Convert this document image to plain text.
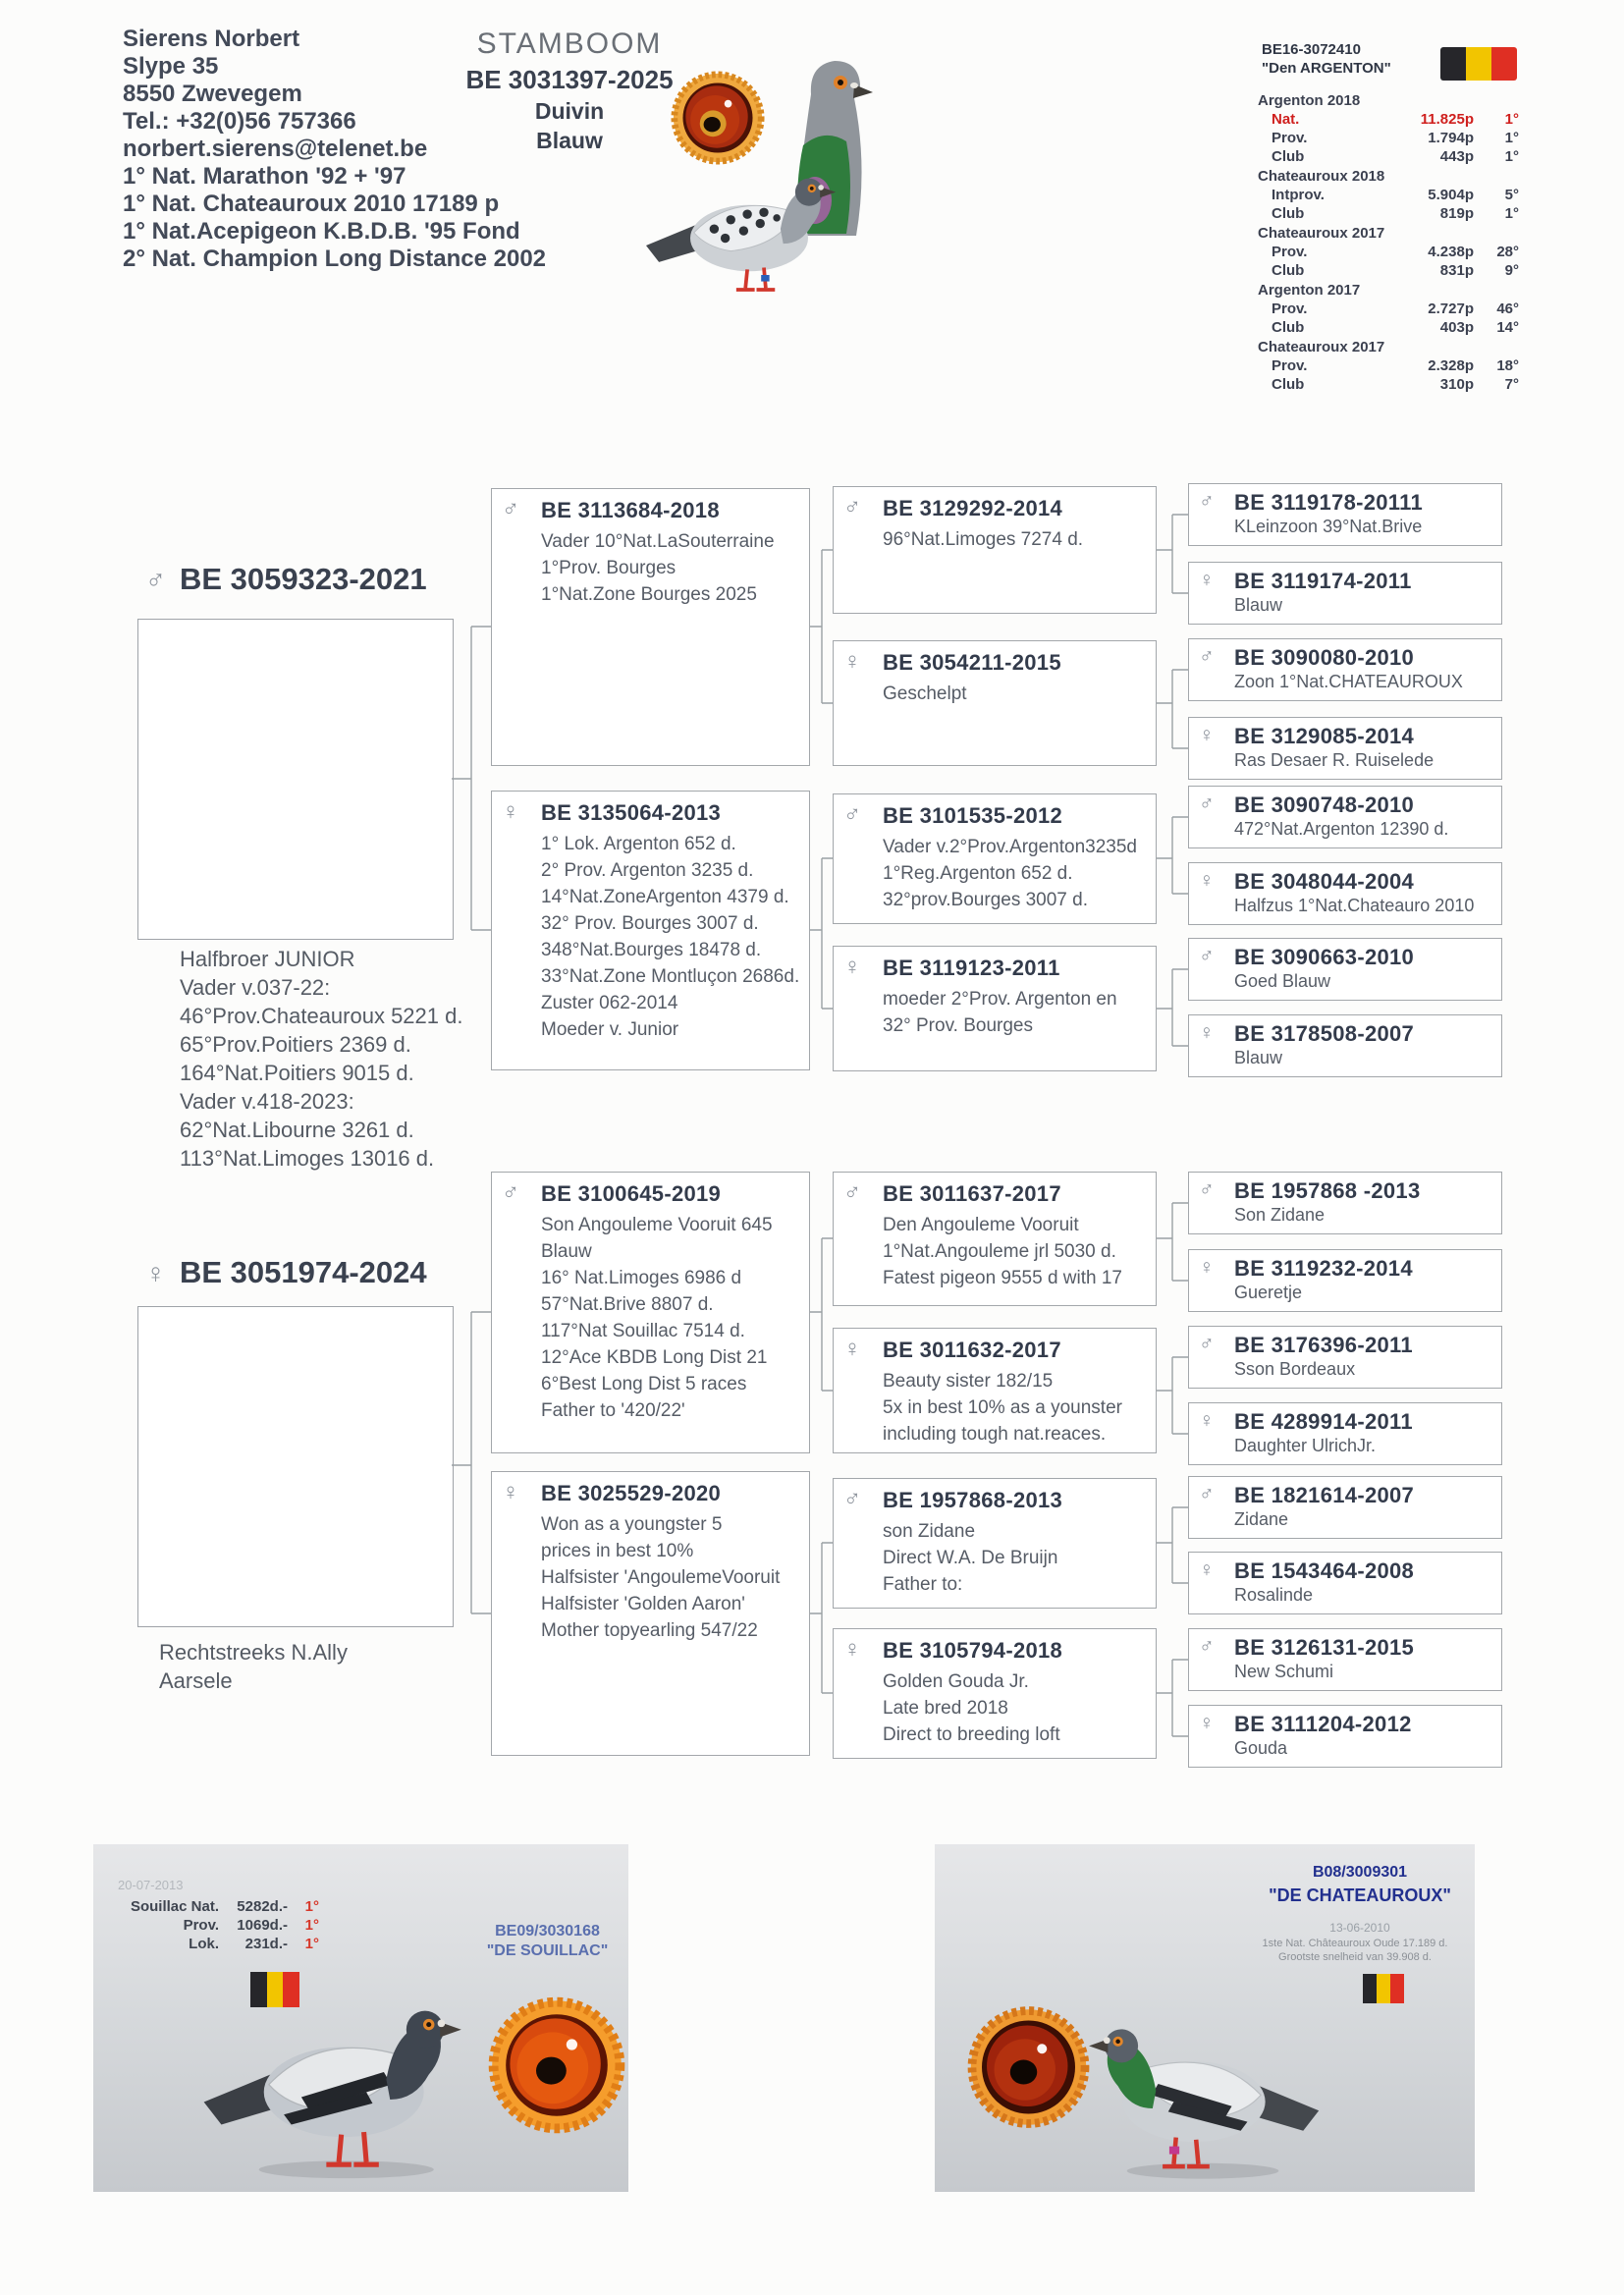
Sierens Norbert
Slype 35
8550 Zwevegem
Tel.: +32(0)56 757366
norbert.sierens@telenet.be
1° Nat. Marathon '92 + '97
1° Nat. Chateauroux 2010 17189 p
1° Nat.Acepigeon K.B.D.B. '95 Fond
2° Nat. Champion Long Distance 2002
STAMBOOM
BE 3031397-2025
Duivin
Blauw
BE16-3072410
"Den ARGENTON"
Argenton 2018
Nat.	11.825p	1°
Prov.	1.794p	1°
Club	443p	1°
Chateauroux 2018
Intprov.	5.904p	5°
Club	819p	1°
Chateauroux 2017
Prov.	4.238p	28°
Club	831p	9°
Argenton 2017
Prov.	2.727p	46°
Club	403p	14°
Chateauroux 2017
Prov.	2.328p	18°
Club	310p	7°
♂ BE 3059323-2021
Halfbroer JUNIOR
Vader v.037-22:
46°Prov.Chateauroux 5221 d.
65°Prov.Poitiers 2369 d.
164°Nat.Poitiers 9015 d.
Vader v.418-2023:
62°Nat.Libourne 3261 d.
113°Nat.Limoges 13016 d.
♀ BE 3051974-2024
Rechtstreeks N.Ally
Aarsele
♂	BE 3113684-2018
Vader 10°Nat.LaSouterraine
1°Prov. Bourges
1°Nat.Zone Bourges 2025
♀	BE 3135064-2013
1° Lok. Argenton 652 d.
2° Prov. Argenton 3235 d.
14°Nat.ZoneArgenton 4379 d.
32° Prov. Bourges 3007 d.
348°Nat.Bourges 18478 d.
33°Nat.Zone Montluçon 2686d.
Zuster 062-2014
Moeder v. Junior
♂	BE 3100645-2019
Son Angouleme Vooruit 645
Blauw
16° Nat.Limoges 6986 d
57°Nat.Brive 8807 d.
117°Nat Souillac 7514 d.
12°Ace KBDB Long Dist 21
6°Best Long Dist 5 races
Father to '420/22'
♀	BE 3025529-2020
Won as a youngster 5
prices in best 10%
Halfsister 'AngoulemeVooruit
Halfsister 'Golden Aaron'
Mother topyearling 547/22
♂	BE 3129292-2014
96°Nat.Limoges 7274 d.
♀	BE 3054211-2015
Geschelpt
♂	BE 3101535-2012
Vader v.2°Prov.Argenton3235d
1°Reg.Argenton 652 d.
32°prov.Bourges 3007 d.
♀	BE 3119123-2011
moeder 2°Prov. Argenton en
32° Prov. Bourges
♂	BE 3011637-2017
Den Angouleme Vooruit
1°Nat.Angouleme jrl 5030 d.
Fatest pigeon 9555 d with 17
♀	BE 3011632-2017
Beauty sister 182/15
5x in best 10% as a younster
including tough nat.reaces.
♂	BE 1957868-2013
son Zidane
Direct W.A. De Bruijn
Father to:
♀	BE 3105794-2018
Golden Gouda Jr.
Late bred 2018
Direct to breeding loft
♂ BE 3119178-20111
KLeinzoon 39°Nat.Brive
♀ BE 3119174-2011
Blauw
♂ BE 3090080-2010
Zoon 1°Nat.CHATEAUROUX
♀ BE 3129085-2014
Ras Desaer R. Ruiselede
♂ BE 3090748-2010
472°Nat.Argenton 12390 d.
♀ BE 3048044-2004
Halfzus 1°Nat.Chateauro 2010
♂ BE 3090663-2010
Goed Blauw
♀ BE 3178508-2007
Blauw
♂ BE 1957868 -2013
Son Zidane
♀ BE 3119232-2014
Gueretje
♂ BE 3176396-2011
Sson Bordeaux
♀ BE 4289914-2011
Daughter UlrichJr.
♂ BE 1821614-2007
Zidane
♀ BE 1543464-2008
Rosalinde
♂ BE 3126131-2015
New Schumi
♀ BE 3111204-2012
Gouda
20-07-2013
Souillac Nat.	5282d.-	1°
Prov.	1069d.-	1°
Lok.	231d.-	1°
BE09/3030168
"DE SOUILLAC"
B08/3009301
"DE CHATEAUROUX"
13-06-2010
1ste Nat. Châteauroux Oude 17.189 d.
Grootste snelheid van 39.908 d.
